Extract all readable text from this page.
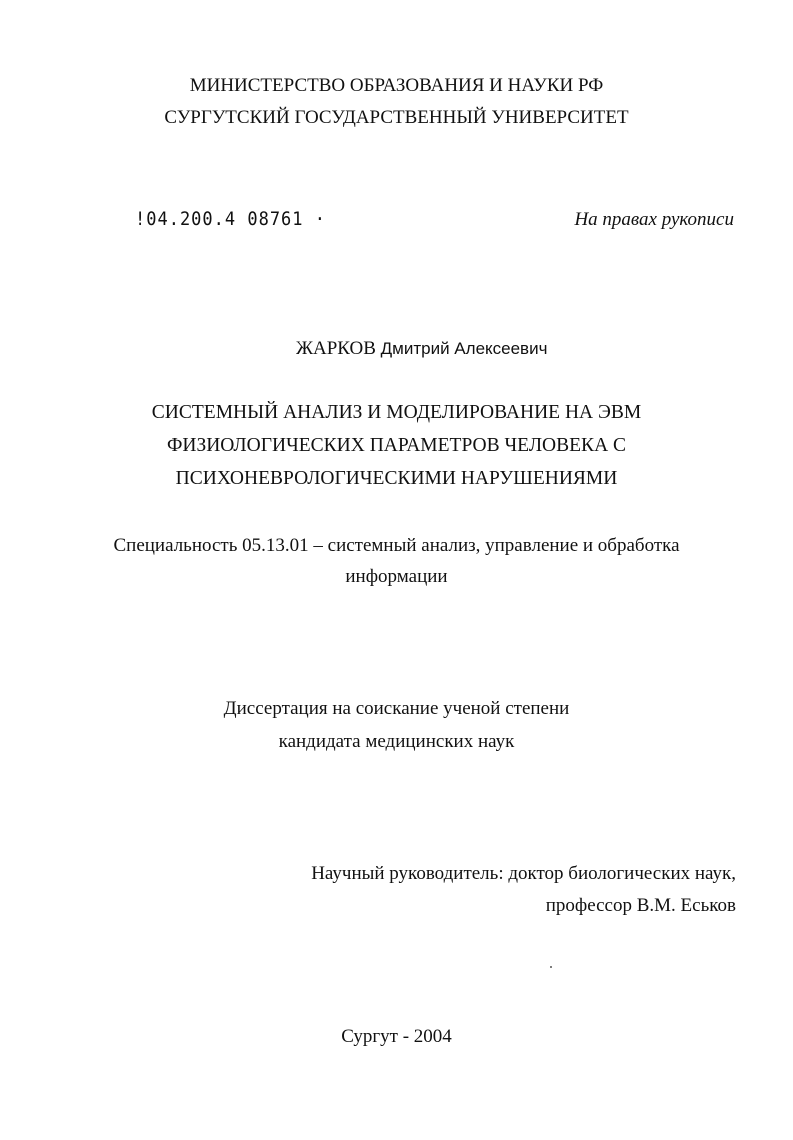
МИНИСТЕРСТВО ОБРАЗОВАНИЯ И НАУКИ РФ
СУРГУТСКИЙ ГОСУДАРСТВЕННЫЙ УНИВЕРСИТЕТ
!04.200.4 08761 ·	На правах рукописи
ЖАРКОВ Дмитрий Алексеевич
СИСТЕМНЫЙ АНАЛИЗ И МОДЕЛИРОВАНИЕ НА ЭВМ
ФИЗИОЛОГИЧЕСКИХ ПАРАМЕТРОВ ЧЕЛОВЕКА С
ПСИХОНЕВРОЛОГИЧЕСКИМИ НАРУШЕНИЯМИ
Специальность 05.13.01 – системный анализ, управление и обработка
информации
Диссертация на соискание ученой степени
кандидата медицинских наук
Научный руководитель: доктор биологических наук,
профессор В.М. Еськов
Сургут - 2004
